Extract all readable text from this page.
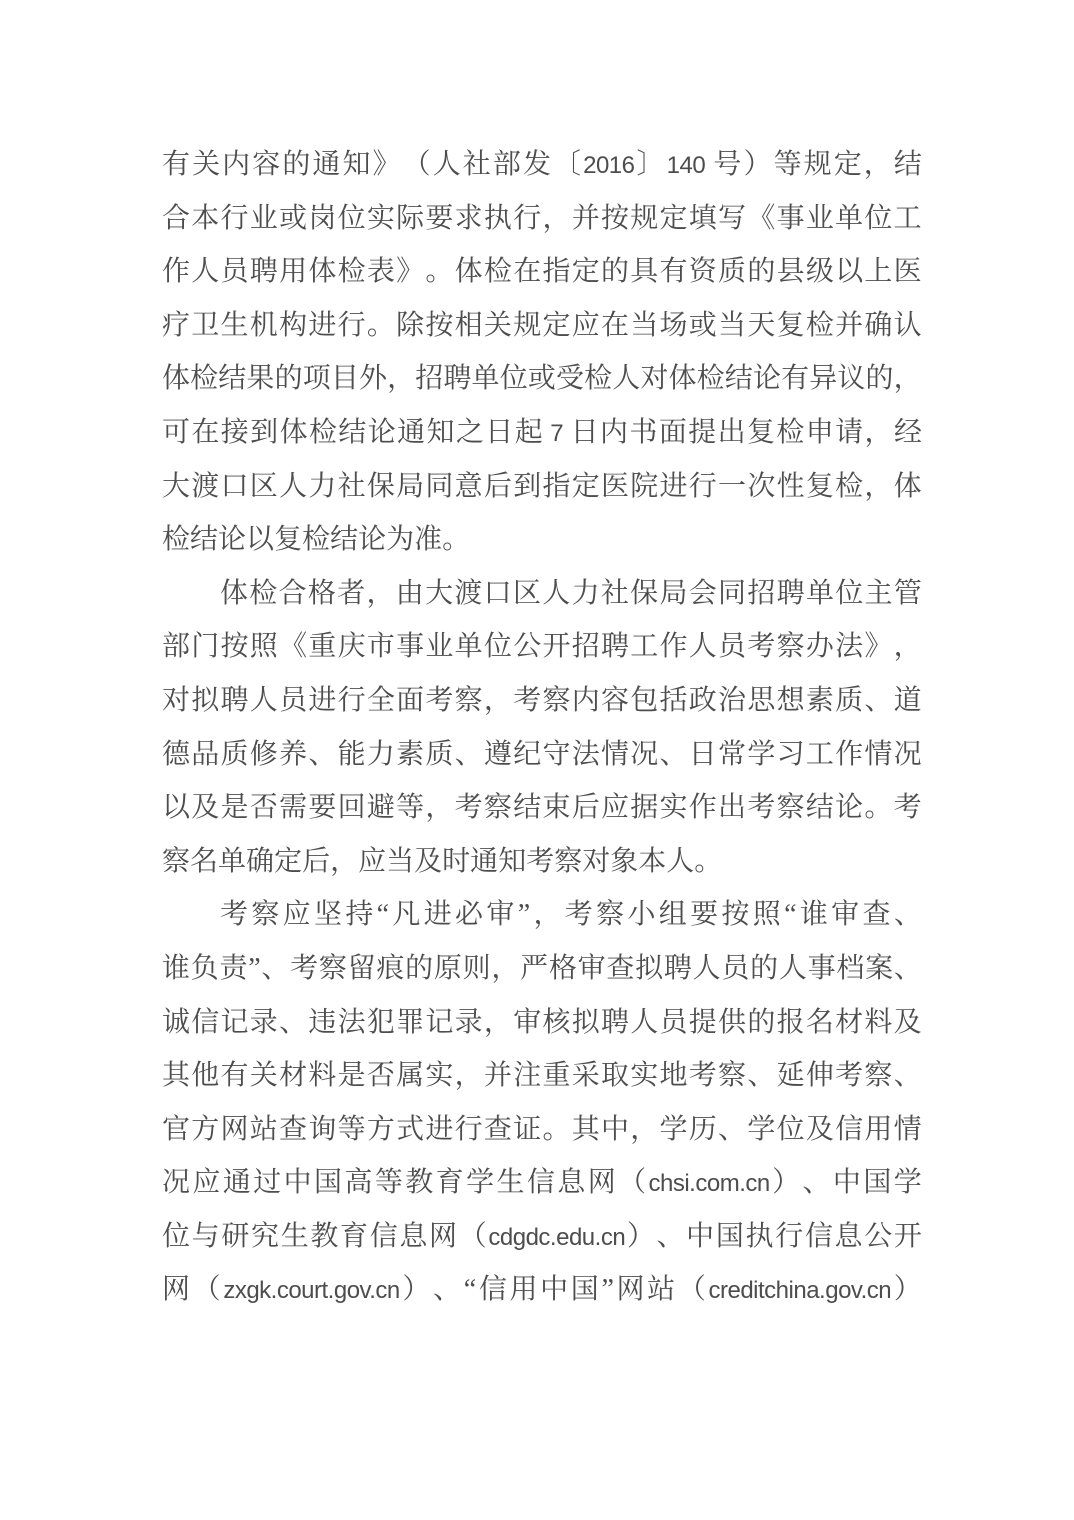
有 关 内 容 的 通 知 》 （ 人 社 部 发 〔 2016 〕 140 号 ） 等 规 定 ， 结
合 本 行 业 或 岗 位 实 际 要 求 执 行 ， 并 按 规 定 填 写 《 事 业 单 位 工
作 人 员 聘 用 体 检 表 》 。 体 检 在 指 定 的 具 有 资 质 的 县 级 以 上 医
疗 卫 生 机 构 进 行 。 除 按 相 关 规 定 应 在 当 场 或 当 天 复 检 并 确 认
体 检 结 果 的 项 目 外 ， 招 聘 单 位 或 受 检 人 对 体 检 结 论 有 异 议 的 ，
可 在 接 到 体 检 结 论 通 知 之 日 起 7 日 内 书 面 提 出 复 检 申 请 ， 经
大 渡 口 区 人 力 社 保 局 同 意 后 到 指 定 医 院 进 行 一 次 性 复 检 ， 体
检 结 论 以 复 检 结 论 为 准 。
体 检 合 格 者 ， 由 大 渡 口 区 人 力 社 保 局 会 同 招 聘 单 位 主 管
部 门 按 照 《 重 庆 市 事 业 单 位 公 开 招 聘 工 作 人 员 考 察 办 法 》 ，
对 拟 聘 人 员 进 行 全 面 考 察 ， 考 察 内 容 包 括 政 治 思 想 素 质 、 道
德 品 质 修 养 、 能 力 素 质 、 遵 纪 守 法 情 况 、 日 常 学 习 工 作 情 况
以 及 是 否 需 要 回 避 等 ， 考 察 结 束 后 应 据 实 作 出 考 察 结 论 。 考
察 名 单 确 定 后 ， 应 当 及 时 通 知 考 察 对 象 本 人 。
考 察 应 坚 持 “ 凡 进 必 审 ” ， 考 察 小 组 要 按 照 “ 谁 审 查 、
谁 负 责 ” 、 考 察 留 痕 的 原 则 ， 严 格 审 查 拟 聘 人 员 的 人 事 档 案 、
诚 信 记 录 、 违 法 犯 罪 记 录 ， 审 核 拟 聘 人 员 提 供 的 报 名 材 料 及
其 他 有 关 材 料 是 否 属 实 ， 并 注 重 采 取 实 地 考 察 、 延 伸 考 察 、
官 方 网 站 查 询 等 方 式 进 行 查 证 。 其 中 ， 学 历 、 学 位 及 信 用 情
况 应 通 过 中 国 高 等 教 育 学 生 信 息 网 （ chsi.com.cn ） 、 中 国 学
位 与 研 究 生 教 育 信 息 网 （ cdgdc.edu.cn ） 、 中 国 执 行 信 息 公 开
网 （ zxgk.court.gov.cn ） 、 “ 信 用 中 国 ” 网 站 （ creditchina.gov.cn ）
